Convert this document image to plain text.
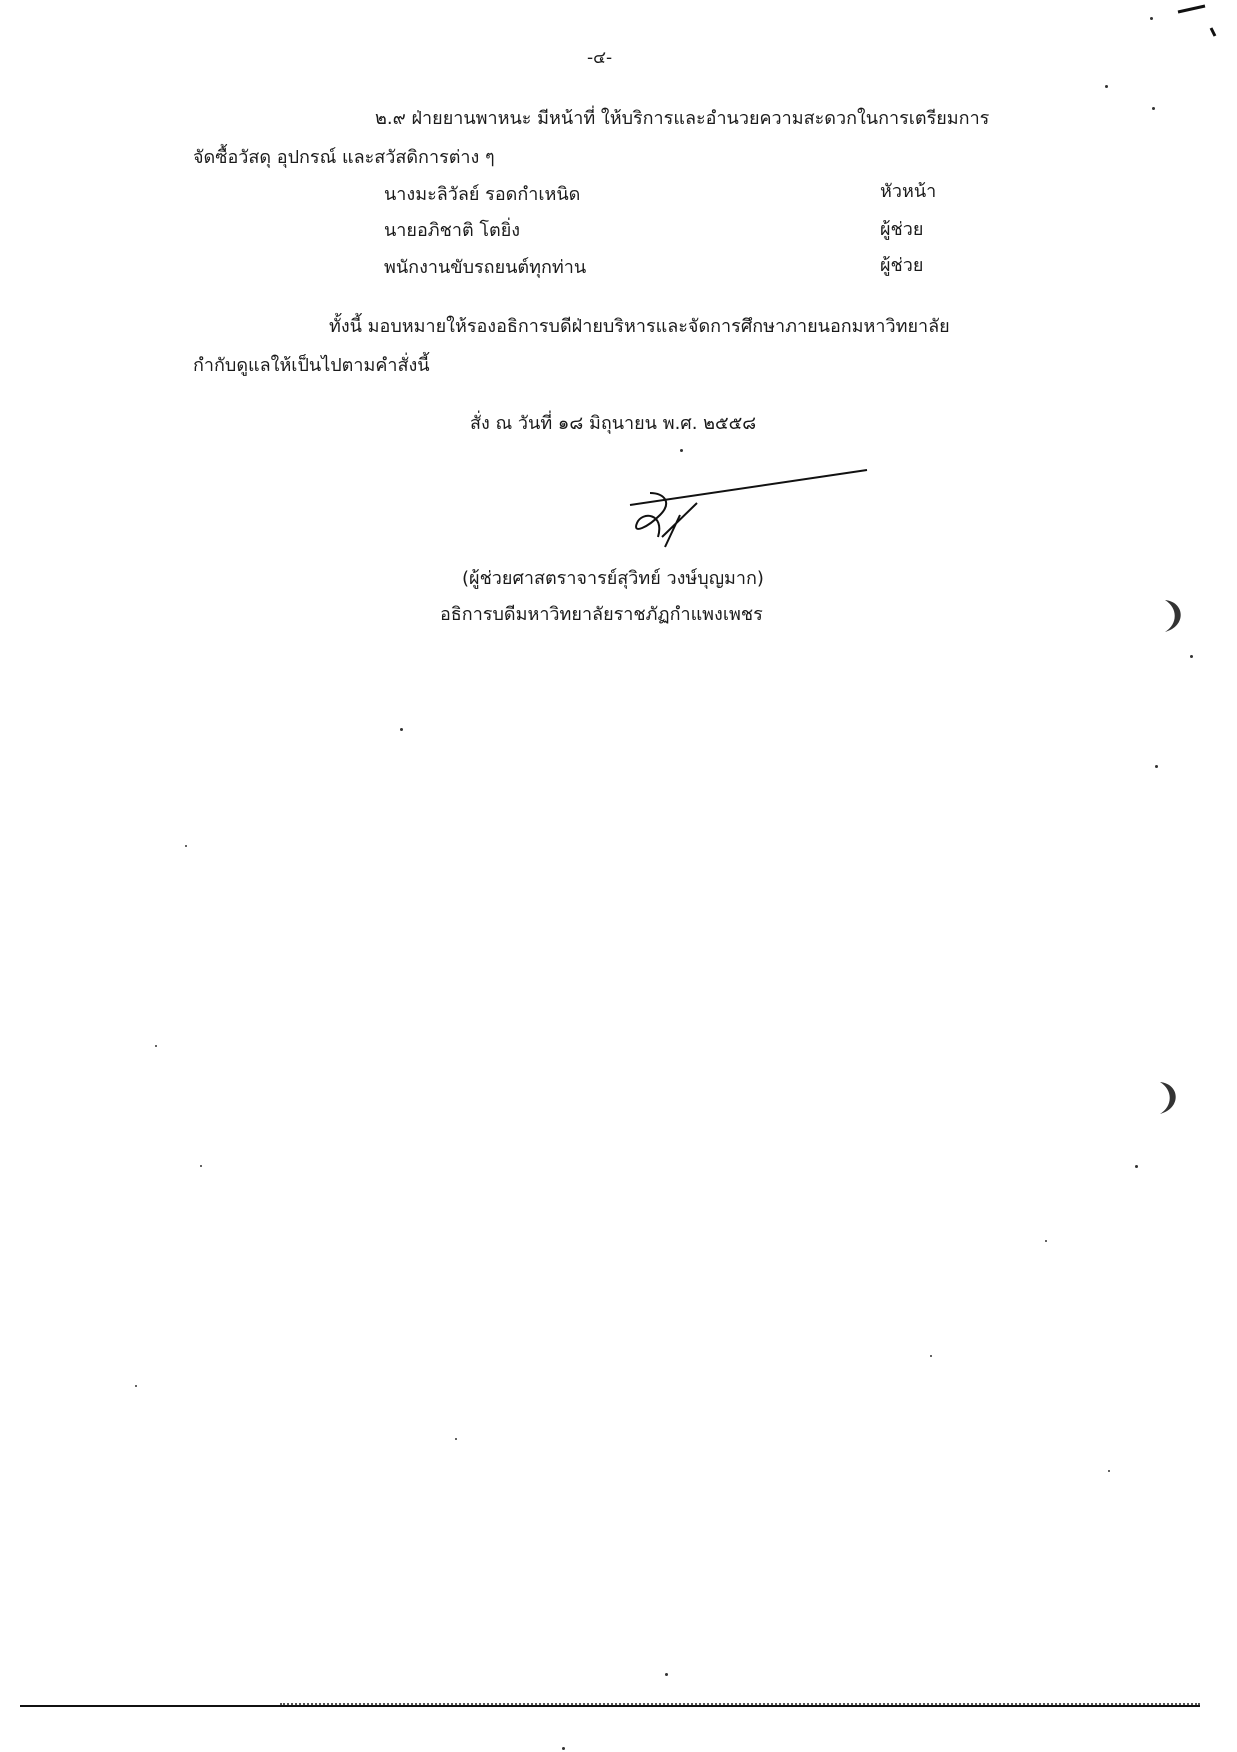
-๔-
๒.๙ ฝ่ายยานพาหนะ มีหน้าที่ ให้บริการและอำนวยความสะดวกในการเตรียมการ
จัดซื้อวัสดุ อุปกรณ์ และสวัสดิการต่าง ๆ
นางมะลิวัลย์ รอดกำเหนิด	หัวหน้า
นายอภิชาติ โตยิ่ง	ผู้ช่วย
พนักงานขับรถยนต์ทุกท่าน	ผู้ช่วย
ทั้งนี้ มอบหมายให้รองอธิการบดีฝ่ายบริหารและจัดการศึกษาภายนอกมหาวิทยาลัย
กำกับดูแลให้เป็นไปตามคำสั่งนี้
สั่ง ณ วันที่ ๑๘ มิถุนายน พ.ศ. ๒๕๕๘
(ผู้ช่วยศาสตราจารย์สุวิทย์ วงษ์บุญมาก)
อธิการบดีมหาวิทยาลัยราชภัฏกำแพงเพชร
